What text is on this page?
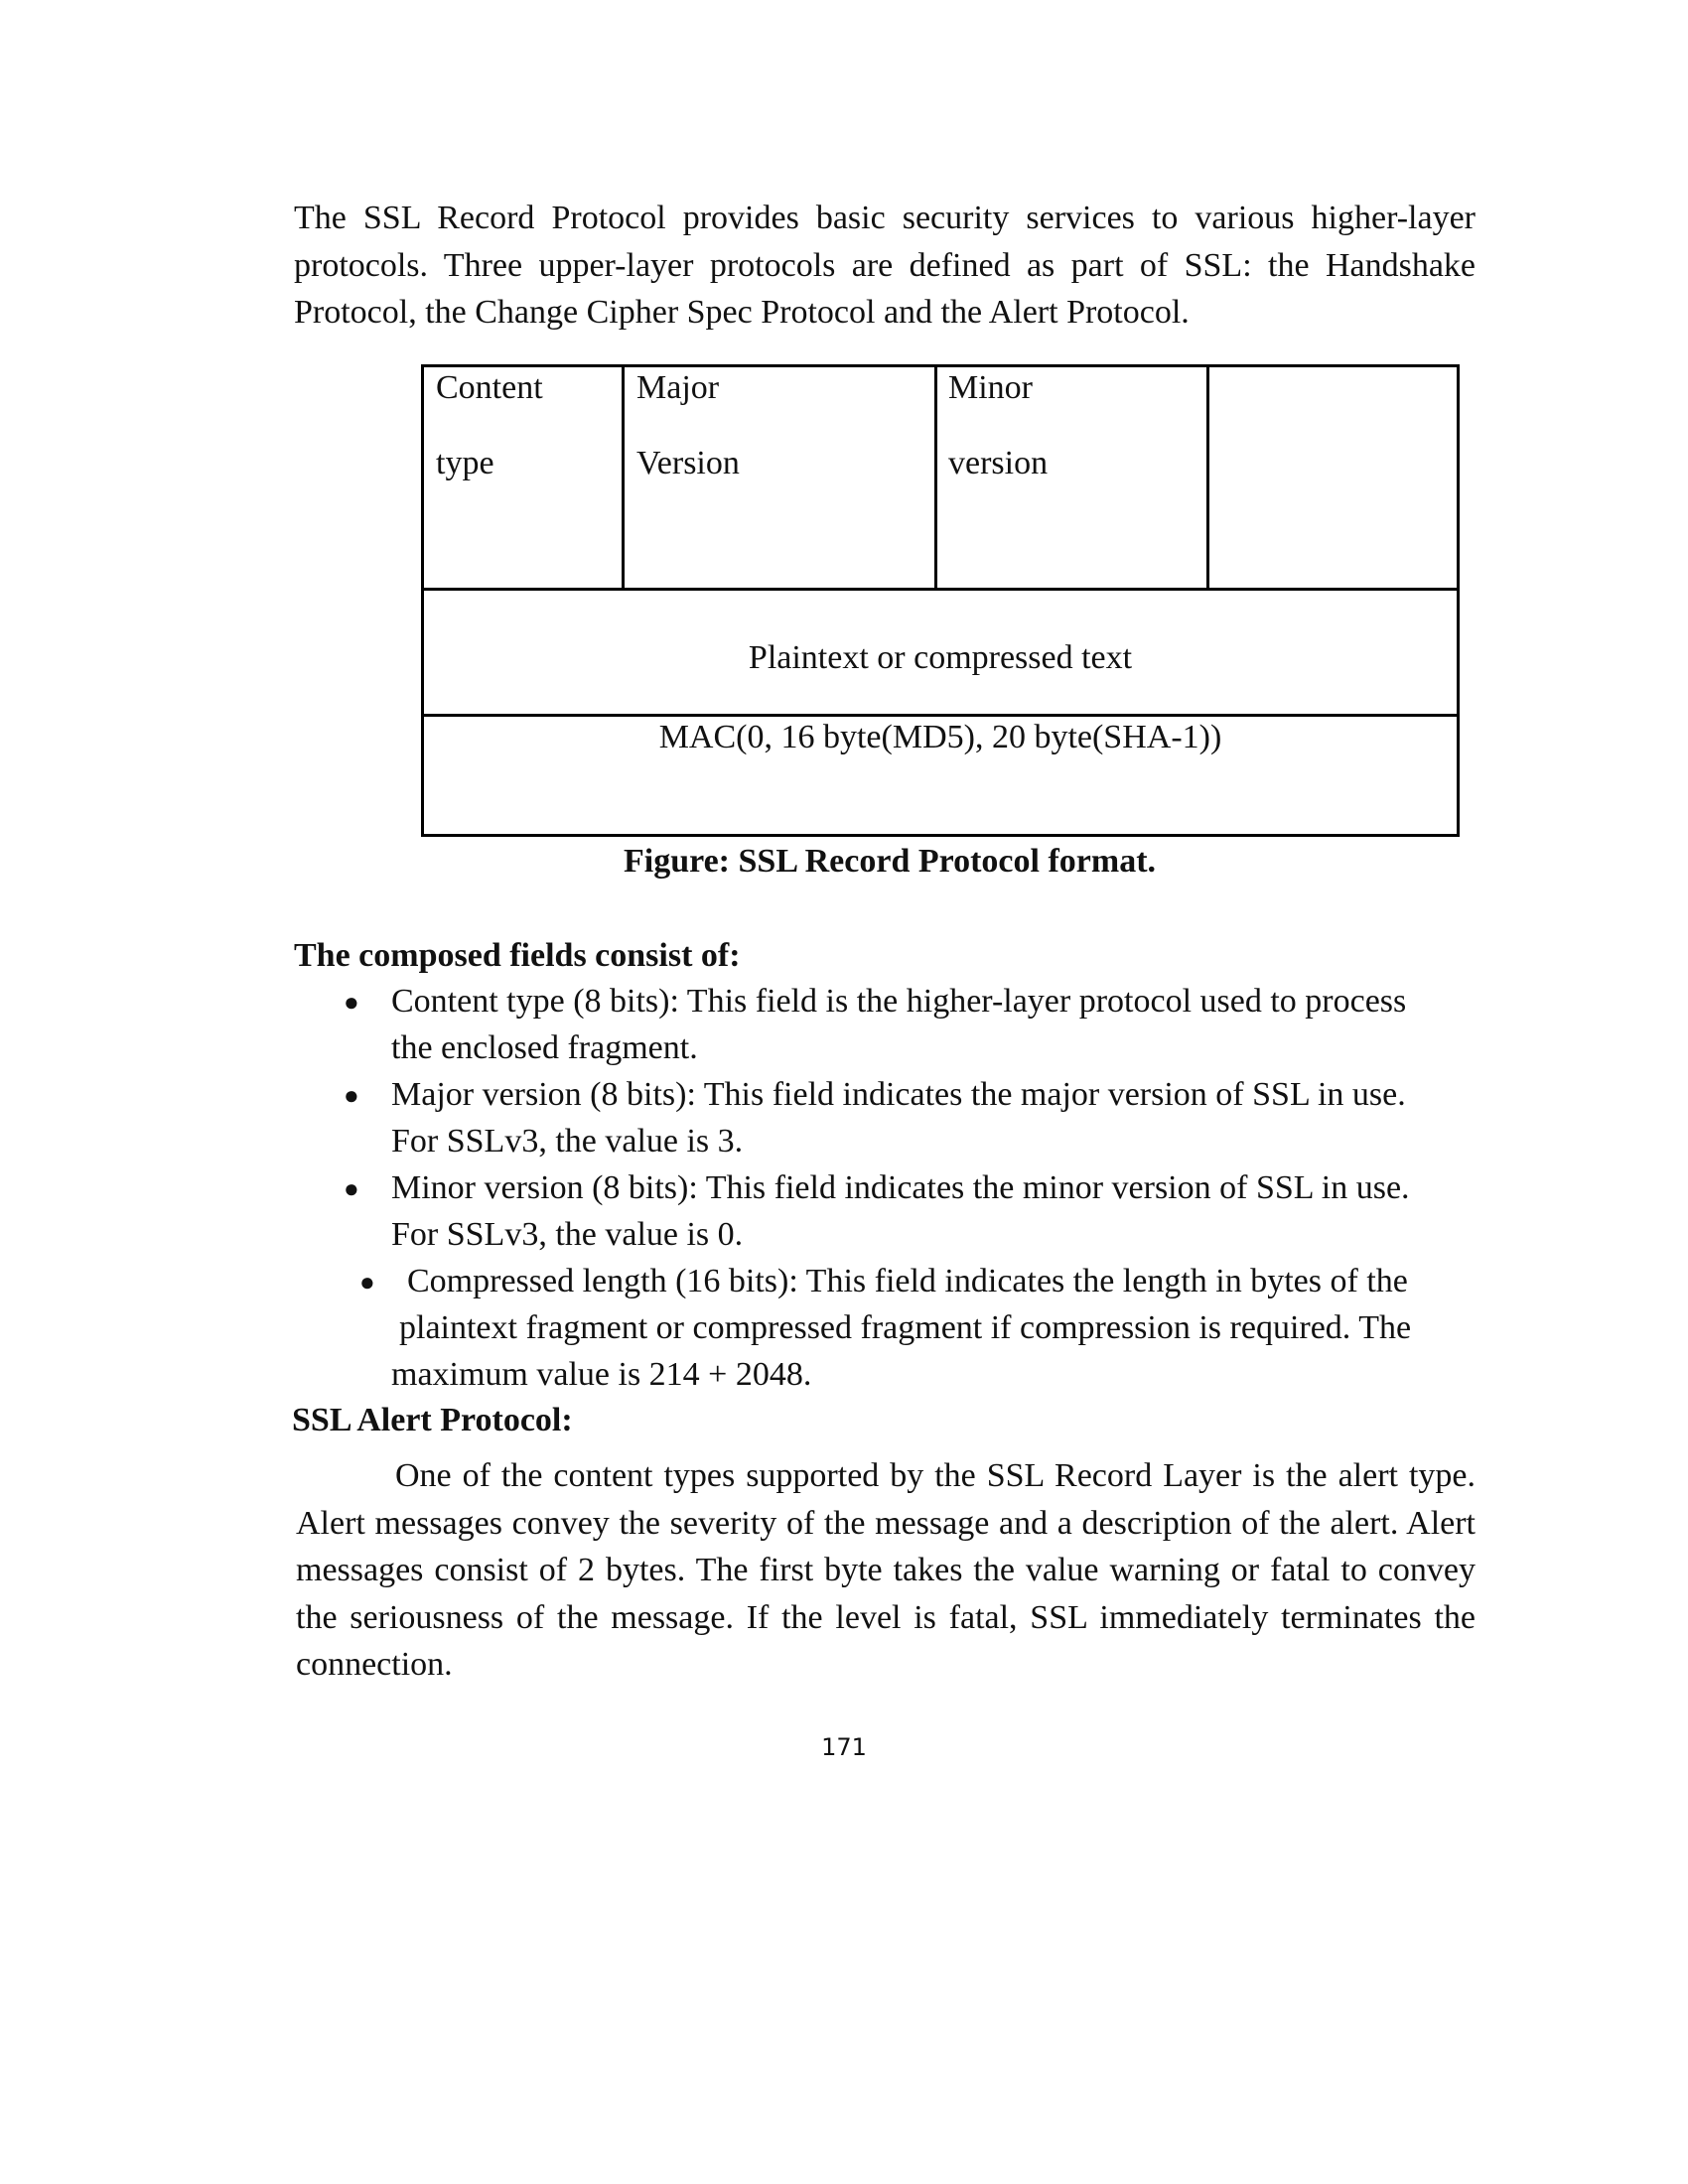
The SSL Record Protocol provides basic security services to various higher-layer protocols. Three upper-layer protocols are defined as part of SSL: the Handshake Protocol, the Change Cipher Spec Protocol and the Alert Protocol.

Content
type
Major
Version
Minor
version
Plaintext or compressed text
MAC(0, 16 byte(MD5), 20 byte(SHA-1))
Figure: SSL Record Protocol format.
The composed fields consist of:
● Content type (8 bits): This field is the higher-layer protocol used to process
the enclosed fragment.
● Major version (8 bits): This field indicates the major version of SSL in use.
For SSLv3, the value is 3.
● Minor version (8 bits): This field indicates the minor version of SSL in use.
For SSLv3, the value is 0.
● Compressed length (16 bits): This field indicates the length in bytes of the
plaintext fragment or compressed fragment if compression is required. The
maximum value is 214 + 2048.
SSL Alert Protocol:

One of the content types supported by the SSL Record Layer is the alert type. Alert messages convey the severity of the message and a description of the alert. Alert messages consist of 2 bytes. The first byte takes the value warning or fatal to convey the seriousness of the message. If the level is fatal, SSL immediately terminates the connection.

171
